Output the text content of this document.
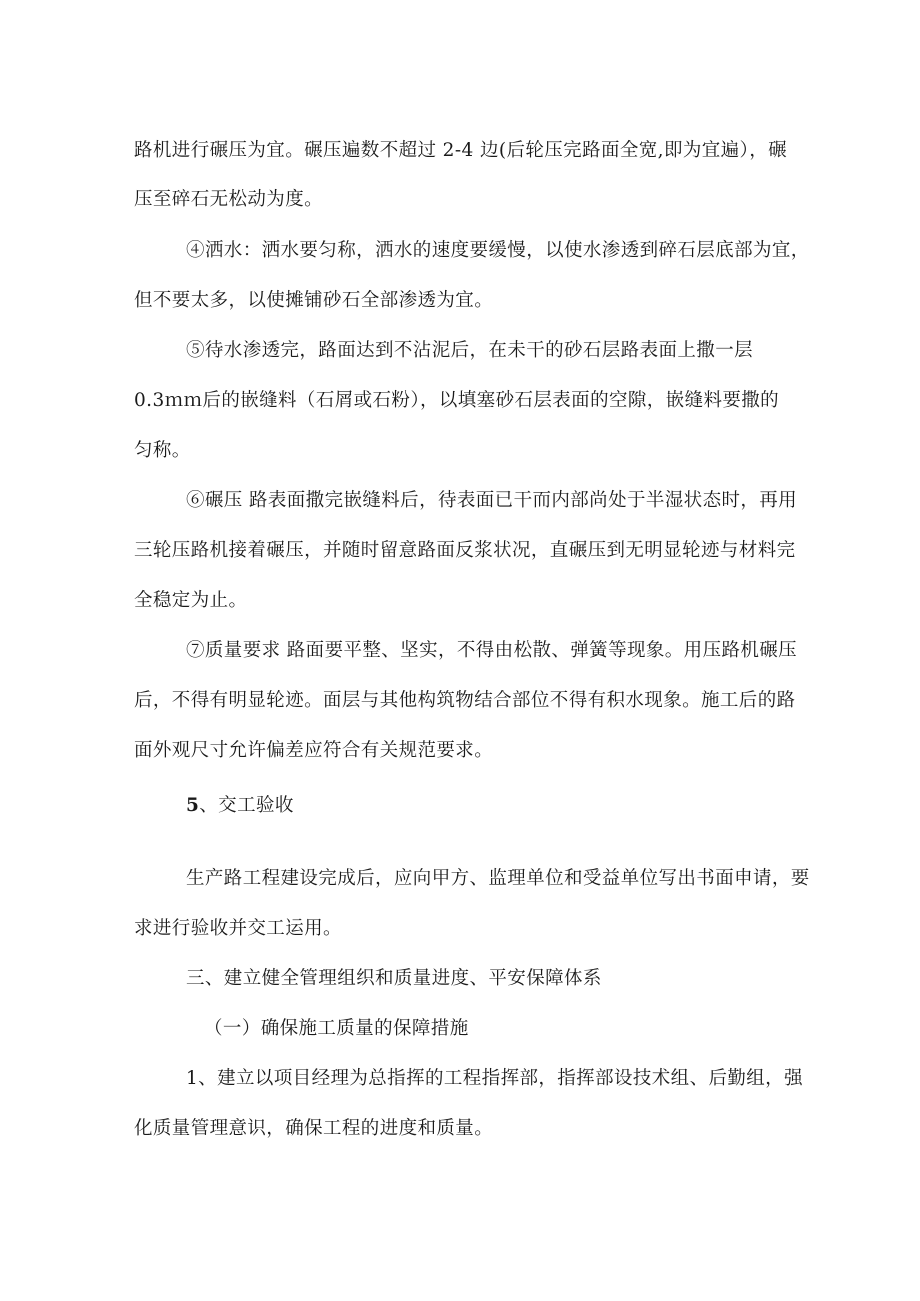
路机进行碾压为宜。碾压遍数不超过 2-4 边(后轮压完路面全宽,即为宜遍），碾
压至碎石无松动为度。
④洒水：洒水要匀称，洒水的速度要缓慢，以使水渗透到碎石层底部为宜，
但不要太多，以使摊铺砂石全部渗透为宜。
⑤待水渗透完，路面达到不沾泥后，在未干的砂石层路表面上撒一层
0.3ｍｍ后的嵌缝料（石屑或石粉），以填塞砂石层表面的空隙，嵌缝料要撒的
匀称。
⑥碾压 路表面撒完嵌缝料后，待表面已干而内部尚处于半湿状态时，再用
三轮压路机接着碾压，并随时留意路面反浆状况，直碾压到无明显轮迹与材料完
全稳定为止。
⑦质量要求 路面要平整、坚实，不得由松散、弹簧等现象。用压路机碾压
后，不得有明显轮迹。面层与其他构筑物结合部位不得有积水现象。施工后的路
面外观尺寸允许偏差应符合有关规范要求。
5、交工验收
生产路工程建设完成后，应向甲方、监理单位和受益单位写出书面申请，要
求进行验收并交工运用。
三、建立健全管理组织和质量进度、平安保障体系
（一）确保施工质量的保障措施
1、建立以项目经理为总指挥的工程指挥部，指挥部设技术组、后勤组，强
化质量管理意识，确保工程的进度和质量。
